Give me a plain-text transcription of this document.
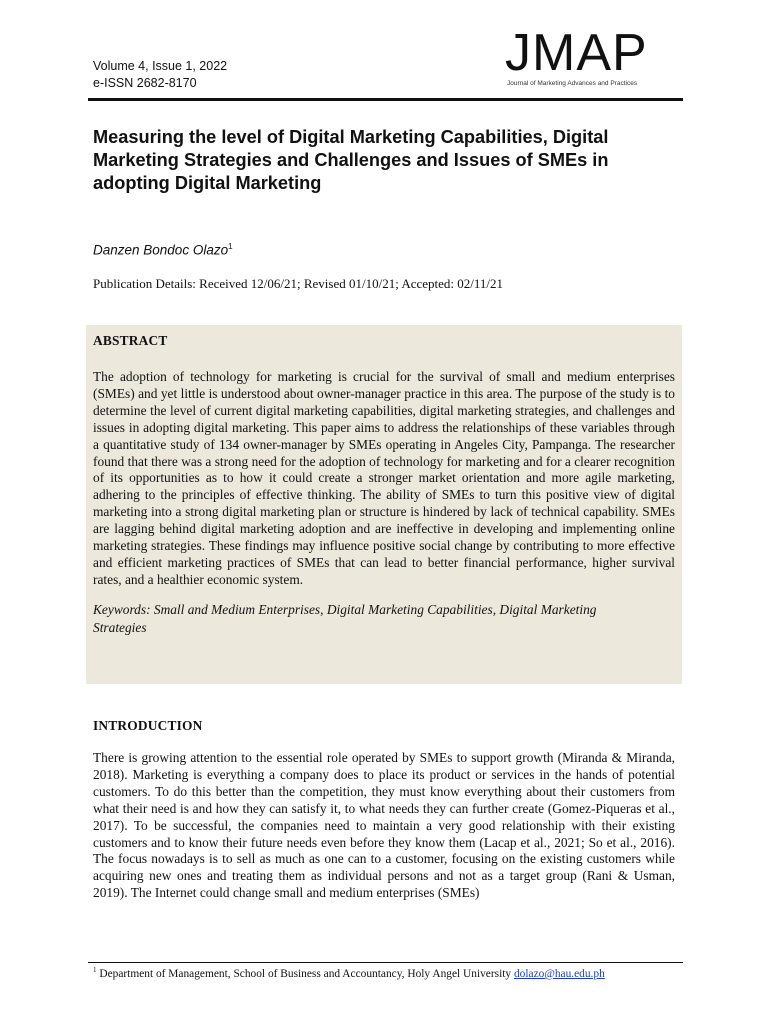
Volume 4, Issue 1, 2022
e-ISSN 2682-8170
JMAP
Journal of Marketing Advances and Practices
Measuring the level of Digital Marketing Capabilities, Digital Marketing Strategies and Challenges and Issues of SMEs in adopting Digital Marketing
Danzen Bondoc Olazo$^1$
Publication Details: Received 12/06/21; Revised 01/10/21; Accepted: 02/11/21
ABSTRACT

The adoption of technology for marketing is crucial for the survival of small and medium enterprises (SMEs) and yet little is understood about owner-manager practice in this area. The purpose of the study is to determine the level of current digital marketing capabilities, digital marketing strategies, and challenges and issues in adopting digital marketing. This paper aims to address the relationships of these variables through a quantitative study of 134 owner-manager by SMEs operating in Angeles City, Pampanga. The researcher found that there was a strong need for the adoption of technology for marketing and for a clearer recognition of its opportunities as to how it could create a stronger market orientation and more agile marketing, adhering to the principles of effective thinking. The ability of SMEs to turn this positive view of digital marketing into a strong digital marketing plan or structure is hindered by lack of technical capability. SMEs are lagging behind digital marketing adoption and are ineffective in developing and implementing online marketing strategies. These findings may influence positive social change by contributing to more effective and efficient marketing practices of SMEs that can lead to better financial performance, higher survival rates, and a healthier economic system.

Keywords: Small and Medium Enterprises, Digital Marketing Capabilities, Digital Marketing Strategies

INTRODUCTION

There is growing attention to the essential role operated by SMEs to support growth (Miranda & Miranda, 2018). Marketing is everything a company does to place its product or services in the hands of potential customers. To do this better than the competition, they must know everything about their customers from what their need is and how they can satisfy it, to what needs they can further create (Gomez-Piqueras et al., 2017). To be successful, the companies need to maintain a very good relationship with their existing customers and to know their future needs even before they know them (Lacap et al., 2021; So et al., 2016). The focus nowadays is to sell as much as one can to a customer, focusing on the existing customers while acquiring new ones and treating them as individual persons and not as a target group (Rani & Usman, 2019). The Internet could change small and medium enterprises (SMEs)

$^1$ Department of Management, School of Business and Accountancy, Holy Angel University dolazo@hau.edu.ph
